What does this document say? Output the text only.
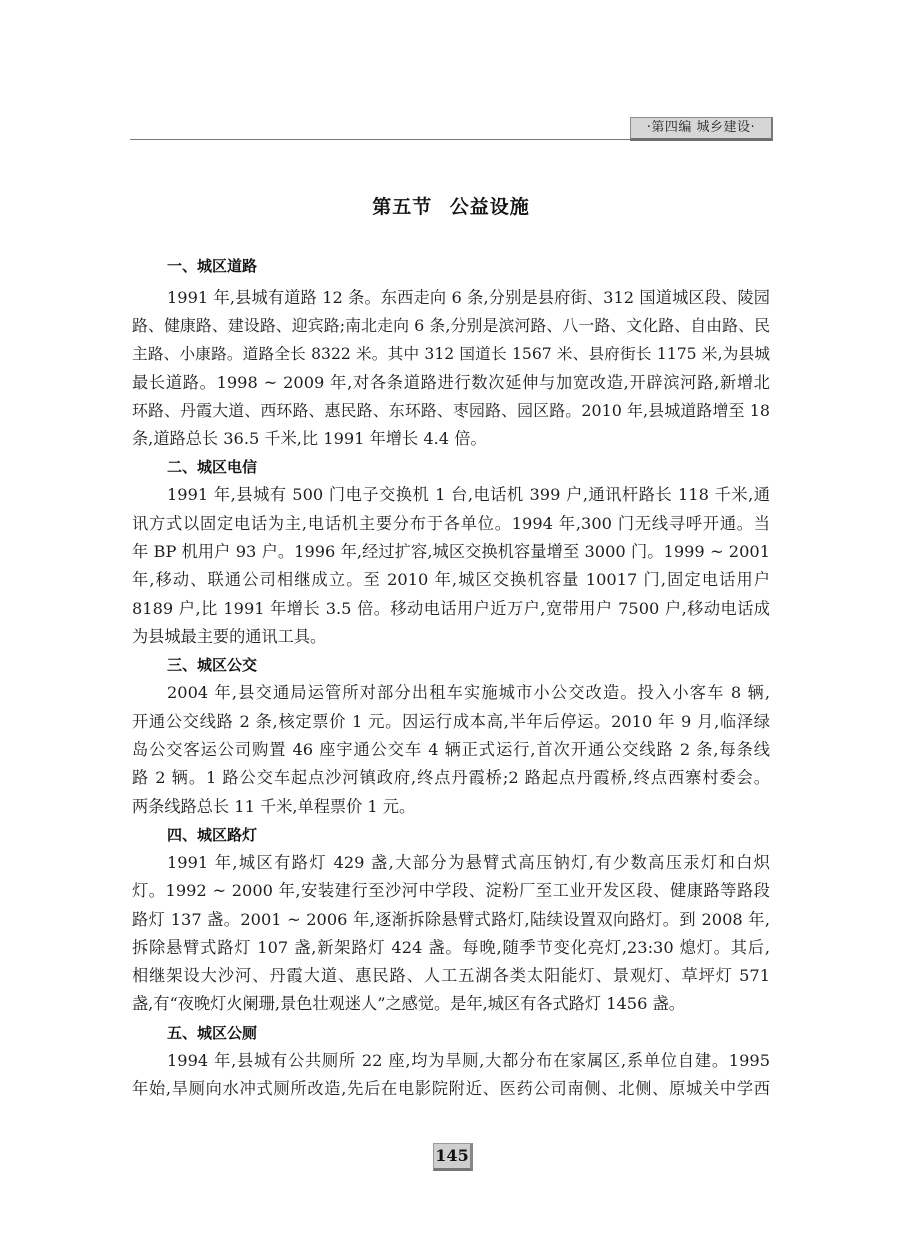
·第四编 城乡建设·
第五节 公益设施
一、城区道路
1991 年,县城有道路 12 条。东西走向 6 条,分别是县府街、312 国道城区段、陵园
路、健康路、建设路、迎宾路;南北走向 6 条,分别是滨河路、八一路、文化路、自由路、民
主路、小康路。道路全长 8322 米。其中 312 国道长 1567 米、县府街长 1175 米,为县城
最长道路。1998 ~ 2009 年,对各条道路进行数次延伸与加宽改造,开辟滨河路,新增北
环路、丹霞大道、西环路、惠民路、东环路、枣园路、园区路。2010 年,县城道路增至 18
条,道路总长 36.5 千米,比 1991 年增长 4.4 倍。
二、城区电信
1991 年,县城有 500 门电子交换机 1 台,电话机 399 户,通讯杆路长 118 千米,通
讯方式以固定电话为主,电话机主要分布于各单位。1994 年,300 门无线寻呼开通。当
年 BP 机用户 93 户。1996 年,经过扩容,城区交换机容量增至 3000 门。1999 ~ 2001
年,移动、联通公司相继成立。至 2010 年,城区交换机容量 10017 门,固定电话用户
8189 户,比 1991 年增长 3.5 倍。移动电话用户近万户,宽带用户 7500 户,移动电话成
为县城最主要的通讯工具。
三、城区公交
2004 年,县交通局运管所对部分出租车实施城市小公交改造。投入小客车 8 辆,
开通公交线路 2 条,核定票价 1 元。因运行成本高,半年后停运。2010 年 9 月,临泽绿
岛公交客运公司购置 46 座宇通公交车 4 辆正式运行,首次开通公交线路 2 条,每条线
路 2 辆。1 路公交车起点沙河镇政府,终点丹霞桥;2 路起点丹霞桥,终点西寨村委会。
两条线路总长 11 千米,单程票价 1 元。
四、城区路灯
1991 年,城区有路灯 429 盏,大部分为悬臂式高压钠灯,有少数高压汞灯和白炽
灯。1992 ~ 2000 年,安装建行至沙河中学段、淀粉厂至工业开发区段、健康路等路段
路灯 137 盏。2001 ~ 2006 年,逐渐拆除悬臂式路灯,陆续设置双向路灯。到 2008 年,
拆除悬臂式路灯 107 盏,新架路灯 424 盏。每晚,随季节变化亮灯,23:30 熄灯。其后,
相继架设大沙河、丹霞大道、惠民路、人工五湖各类太阳能灯、景观灯、草坪灯 571
盏,有“夜晚灯火阑珊,景色壮观迷人”之感觉。是年,城区有各式路灯 1456 盏。
五、城区公厕
1994 年,县城有公共厕所 22 座,均为旱厕,大都分布在家属区,系单位自建。1995
年始,旱厕向水冲式厕所改造,先后在电影院附近、医药公司南侧、北侧、原城关中学西
145
